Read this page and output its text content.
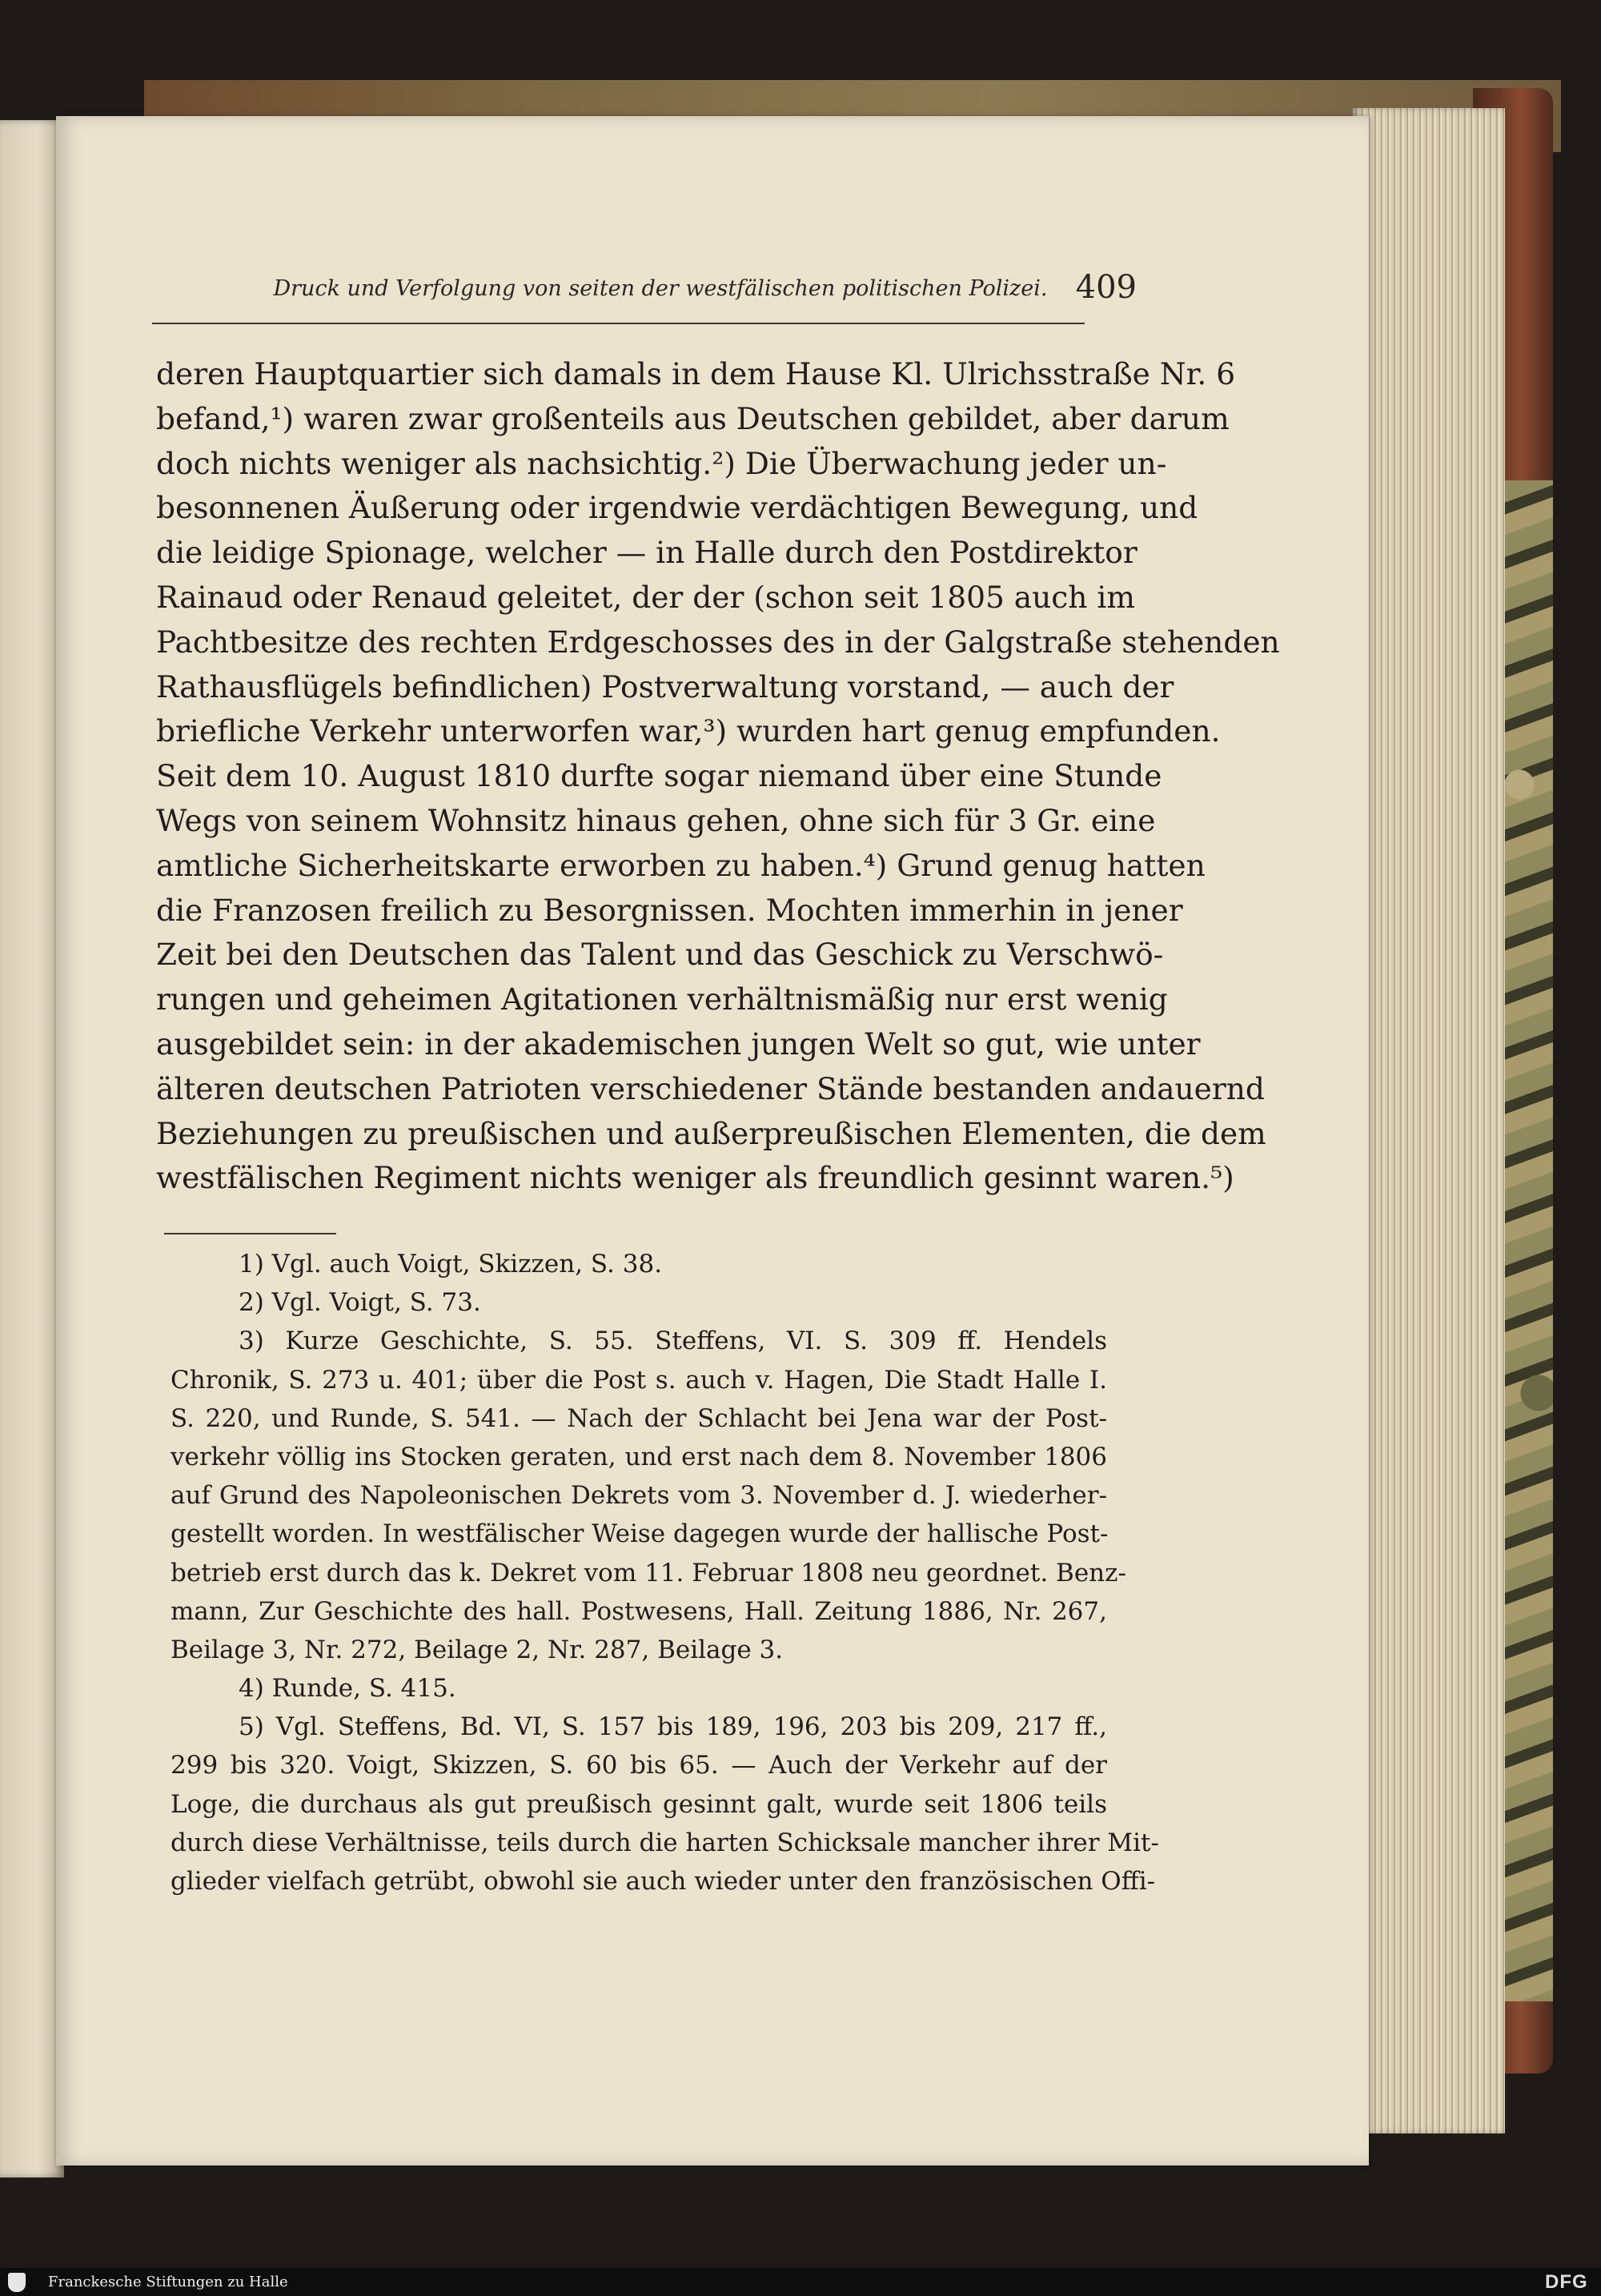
Druck und Verfolgung von seiten der westfälischen politischen Polizei. 409
deren Hauptquartier sich damals in dem Hause Kl. Ulrichsstraße Nr. 6
befand,¹) waren zwar großenteils aus Deutschen gebildet, aber darum
doch nichts weniger als nachsichtig.²) Die Überwachung jeder un-
besonnenen Äußerung oder irgendwie verdächtigen Bewegung, und
die leidige Spionage, welcher — in Halle durch den Postdirektor
Rainaud oder Renaud geleitet, der der (schon seit 1805 auch im
Pachtbesitze des rechten Erdgeschosses des in der Galgstraße stehenden
Rathausflügels befindlichen) Postverwaltung vorstand, — auch der
briefliche Verkehr unterworfen war,³) wurden hart genug empfunden.
Seit dem 10. August 1810 durfte sogar niemand über eine Stunde
Wegs von seinem Wohnsitz hinaus gehen, ohne sich für 3 Gr. eine
amtliche Sicherheitskarte erworben zu haben.⁴) Grund genug hatten
die Franzosen freilich zu Besorgnissen. Mochten immerhin in jener
Zeit bei den Deutschen das Talent und das Geschick zu Verschwö-
rungen und geheimen Agitationen verhältnismäßig nur erst wenig
ausgebildet sein: in der akademischen jungen Welt so gut, wie unter
älteren deutschen Patrioten verschiedener Stände bestanden andauernd
Beziehungen zu preußischen und außerpreußischen Elementen, die dem
westfälischen Regiment nichts weniger als freundlich gesinnt waren.⁵)
1) Vgl. auch Voigt, Skizzen, S. 38.
2) Vgl. Voigt, S. 73.
3) Kurze Geschichte, S. 55. Steffens, VI. S. 309 ff. Hendels
Chronik, S. 273 u. 401; über die Post s. auch v. Hagen, Die Stadt Halle I.
S. 220, und Runde, S. 541. — Nach der Schlacht bei Jena war der Post-
verkehr völlig ins Stocken geraten, und erst nach dem 8. November 1806
auf Grund des Napoleonischen Dekrets vom 3. November d. J. wiederher-
gestellt worden. In westfälischer Weise dagegen wurde der hallische Post-
betrieb erst durch das k. Dekret vom 11. Februar 1808 neu geordnet. Benz-
mann, Zur Geschichte des hall. Postwesens, Hall. Zeitung 1886, Nr. 267,
Beilage 3, Nr. 272, Beilage 2, Nr. 287, Beilage 3.
4) Runde, S. 415.
5) Vgl. Steffens, Bd. VI, S. 157 bis 189, 196, 203 bis 209, 217 ff.,
299 bis 320. Voigt, Skizzen, S. 60 bis 65. — Auch der Verkehr auf der
Loge, die durchaus als gut preußisch gesinnt galt, wurde seit 1806 teils
durch diese Verhältnisse, teils durch die harten Schicksale mancher ihrer Mit-
glieder vielfach getrübt, obwohl sie auch wieder unter den französischen Offi-
Franckesche Stiftungen zu Halle	DFG
